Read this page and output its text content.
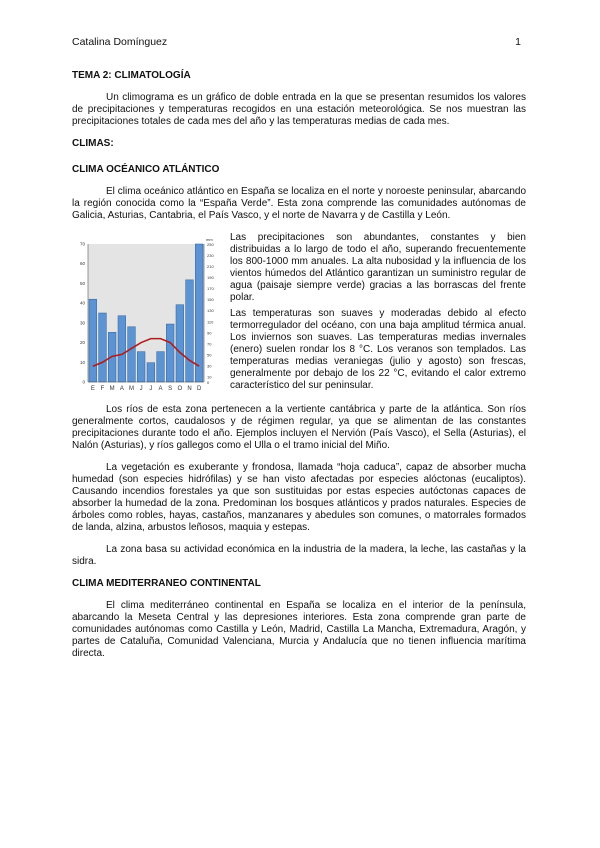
Catalina Domínguez	1
TEMA 2: CLIMATOLOGÍA

Un climograma es un gráfico de doble entrada en la que se presentan resumidos los valores de precipitaciones y temperaturas recogidos en una estación meteorológica. Se nos muestran las precipitaciones totales de cada mes del año y las temperaturas medias de cada mes.

CLIMAS:
CLIMA OCÉANICO ATLÁNTICO

El clima oceánico atlántico en España se localiza en el norte y noroeste peninsular, abarcando la región conocida como la “España Verde”. Esta zona comprende las comunidades autónomas de Galicia, Asturias, Cantabria, el País Vasco, y el norte de Navarra y de Castilla y León.

0
10
30
50
70
90
110
130
150
170
190
210
230
250
mm
0
10
20
30
40
50
60
70
E F M A M J J A S O N D

Las precipitaciones son abundantes, constantes y bien distribuidas a lo largo de todo el año, superando frecuentemente los 800-1000 mm anuales. La alta nubosidad y la influencia de los vientos húmedos del Atlántico garantizan un suministro regular de agua (paisaje siempre verde) gracias a las borrascas del frente polar.

Las temperaturas son suaves y moderadas debido al efecto termorregulador del océano, con una baja amplitud térmica anual. Los inviernos son suaves. Las temperaturas medias invernales (enero) suelen rondar los 8 °C. Los veranos son templados. Las temperaturas medias veraniegas (julio y agosto) son frescas, generalmente por debajo de los 22 °C, evitando el calor extremo característico del sur peninsular.

Los ríos de esta zona pertenecen a la vertiente cantábrica y parte de la atlántica. Son ríos generalmente cortos, caudalosos y de régimen regular, ya que se alimentan de las constantes precipitaciones durante todo el año. Ejemplos incluyen el Nervión (País Vasco), el Sella (Asturias), el Nalón (Asturias), y ríos gallegos como el Ulla o el tramo inicial del Miño.

La vegetación es exuberante y frondosa, llamada “hoja caduca”, capaz de absorber mucha humedad (son especies hidrófilas) y se han visto afectadas por especies alóctonas (eucaliptos). Causando incendios forestales ya que son sustituidas por estas especies autóctonas capaces de absorber la humedad de la zona. Predominan los bosques atlánticos y prados naturales. Especies de árboles como robles, hayas, castaños, manzanares y abedules son comunes, o matorrales formados de landa, alzina, arbustos leñosos, maquia y estepas.

La zona basa su actividad económica en la industria de la madera, la leche, las castañas y la sidra.

CLIMA MEDITERRANEO CONTINENTAL

El clima mediterráneo continental en España se localiza en el interior de la península, abarcando la Meseta Central y las depresiones interiores. Esta zona comprende gran parte de comunidades autónomas como Castilla y León, Madrid, Castilla La Mancha, Extremadura, Aragón, y partes de Cataluña, Comunidad Valenciana, Murcia y Andalucía que no tienen influencia marítima directa.
